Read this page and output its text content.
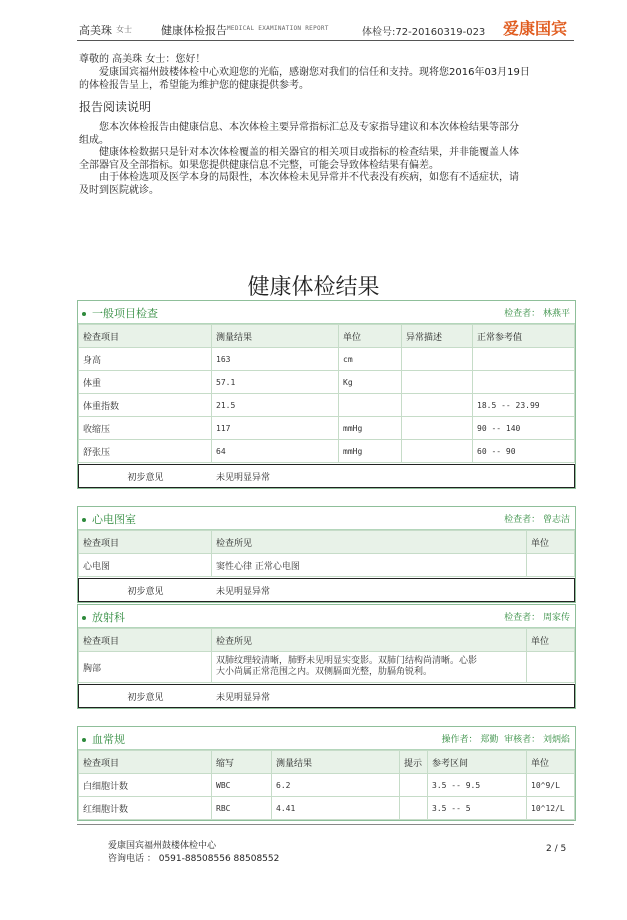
高美珠 女士	健康体检报告 MEDICAL EXAMINATION REPORT	体检号:72-20160319-023 爱康国宾
尊敬的 高美珠 女士：您好！
爱康国宾福州鼓楼体检中心欢迎您的光临，感谢您对我们的信任和支持。现将您2016年03月19日
的体检报告呈上，希望能为维护您的健康提供参考。
报告阅读说明
您本次体检报告由健康信息、本次体检主要异常指标汇总及专家指导建议和本次体检结果等部分
组成。
健康体检数据只是针对本次体检覆盖的相关器官的相关项目或指标的检查结果，并非能覆盖人体
全部器官及全部指标。如果您提供健康信息不完整，可能会导致体检结果有偏差。
由于体检选项及医学本身的局限性，本次体检未见异常并不代表没有疾病，如您有不适症状，请
及时到医院就诊。
健康体检结果
一般项目检查	检查者： 林燕平
检查项目	测量结果	单位	异常描述	正常参考值
身高	163	cm		
体重	57.1	Kg		
体重指数	21.5			18.5 -- 23.99
收缩压	117	mmHg		90 -- 140
舒张压	64	mmHg		60 -- 90
初步意见	未见明显异常
心电图室	检查者： 曾志洁
检查项目	检查所见	单位
心电图	窦性心律 正常心电图	
初步意见	未见明显异常
放射科	检查者： 周家传
检查项目	检查所见	单位
胸部	双肺纹理较清晰，肺野未见明显实变影。双肺门结构尚清晰。心影
大小尚属正常范围之内。双侧膈面光整，肋膈角锐利。	

初步意见	未见明显异常
血常规	操作者： 郑勤 审核者： 刘炳焰
检查项目	缩写	测量结果	提示	参考区间	单位
白细胞计数	WBC	6.2		3.5 -- 9.5	10^9/L
红细胞计数	RBC	4.41		3.5 -- 5	10^12/L
爱康国宾福州鼓楼体检中心
咨询电话 ： 0591-88508556 88508552
2 / 5
